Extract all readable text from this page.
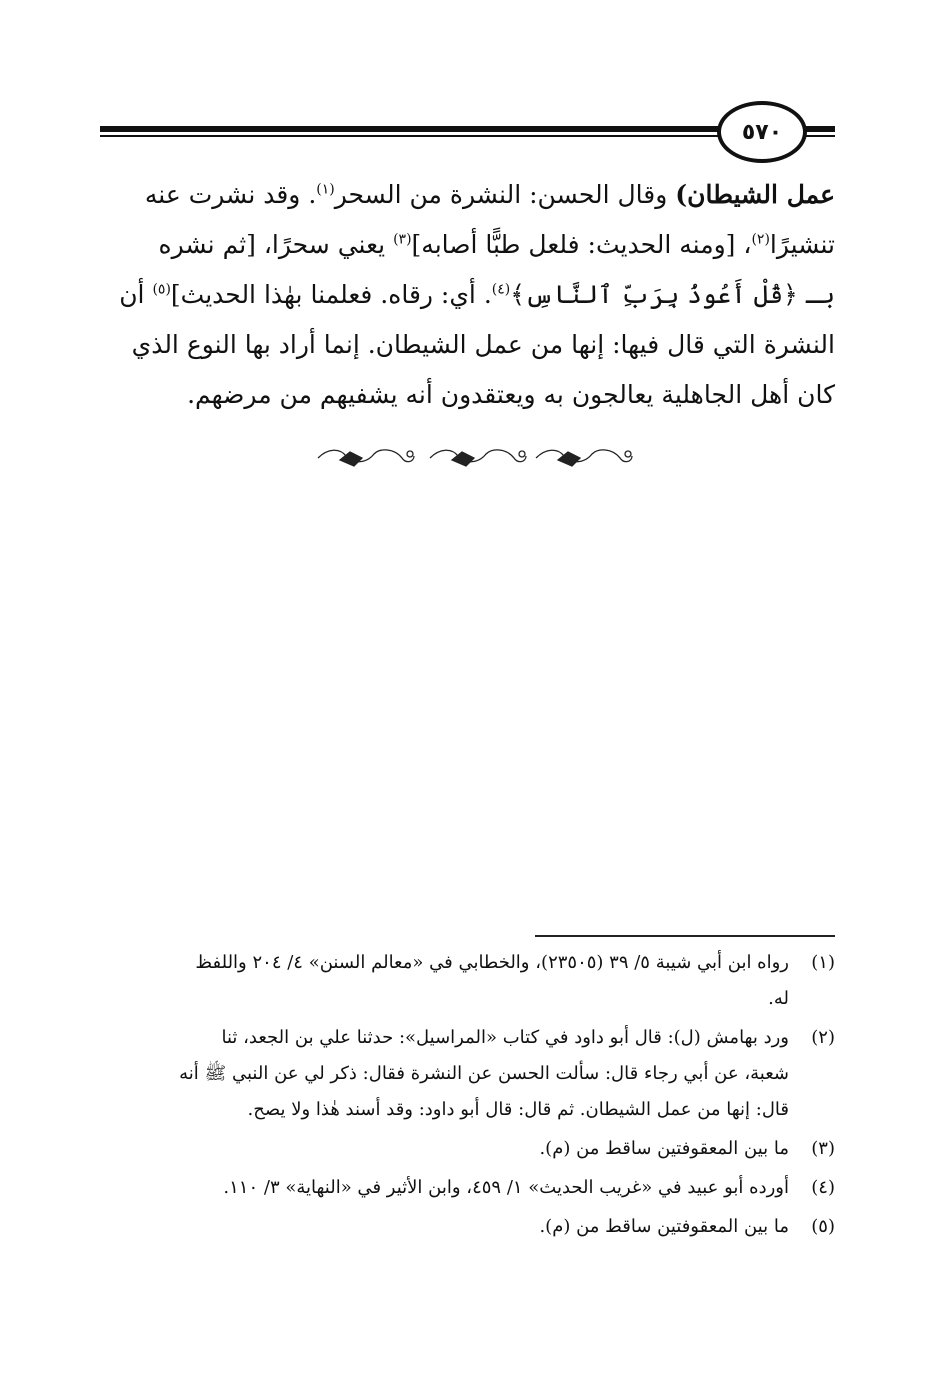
٥٧٠
عمل الشيطان) وقال الحسن: النشرة من السحر$^{(١)}$. وقد نشرت عنه
تنشيرًا$^{(٢)}$، [ومنه الحديث: فلعل طبًّا أصابه]$^{(٣)}$ يعني سحرًا، [ثم نشره
بـ ﴿قُلْ أَعُوذُ بِرَبِّ ٱلنَّاسِ﴾$^{(٤)}$. أي: رقاه. فعلمنا بهٰذا الحديث]$^{(٥)}$ أن
النشرة التي قال فيها: إنها من عمل الشيطان. إنما أراد بها النوع الذي
كان أهل الجاهلية يعالجون به ويعتقدون أنه يشفيهم من مرضهم.
(١)
رواه ابن أبي شيبة ٥/ ٣٩ (٢٣٥٠٥)، والخطابي في «معالم السنن» ٤/ ٢٠٤ واللفظ
له.
(٢)
ورد بهامش (ل): قال أبو داود في كتاب «المراسيل»: حدثنا علي بن الجعد، ثنا
شعبة، عن أبي رجاء قال: سألت الحسن عن النشرة فقال: ذكر لي عن النبي ﷺ أنه
قال: إنها من عمل الشيطان. ثم قال: قال أبو داود: وقد أسند هٰذا ولا يصح.
(٣)
ما بين المعقوفتين ساقط من (م).
(٤)
أورده أبو عبيد في «غريب الحديث» ١/ ٤٥٩، وابن الأثير في «النهاية» ٣/ ١١٠.
(٥)
ما بين المعقوفتين ساقط من (م).
